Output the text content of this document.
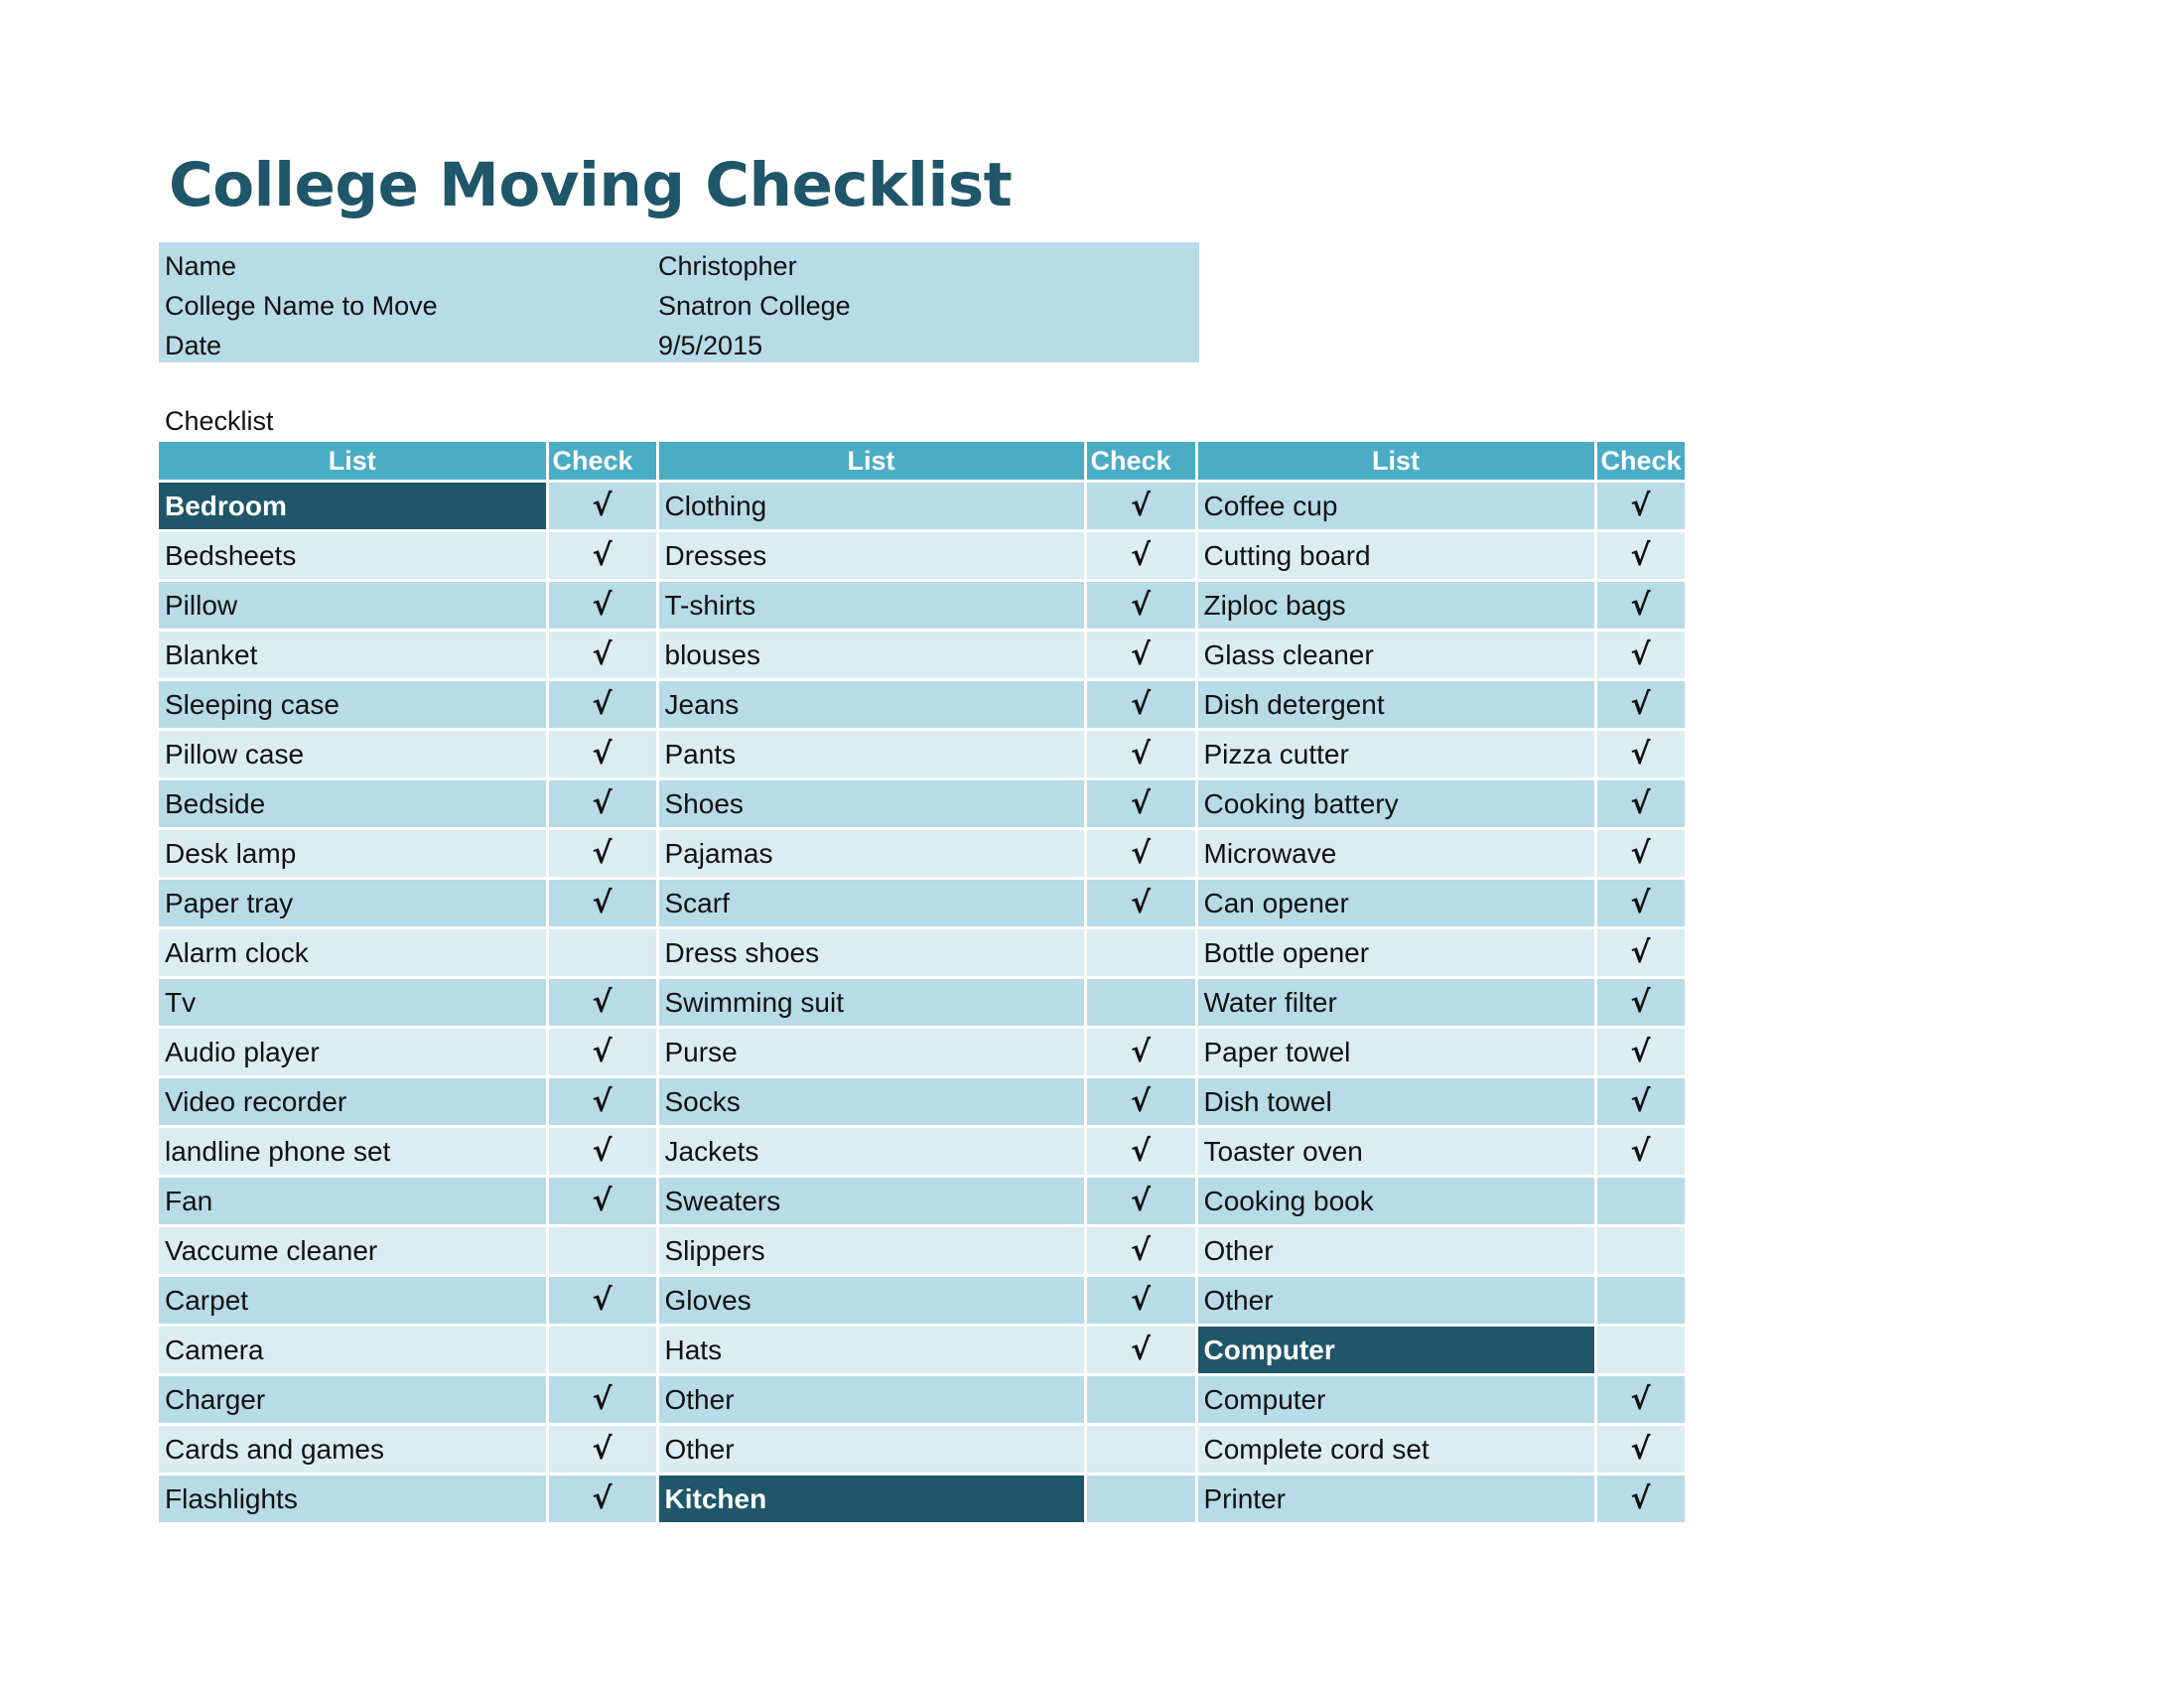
College Moving Checklist
Name	Christopher
College Name to Move	Snatron College
Date	9/5/2015
Checklist
List	Check	List	Check	List	Check
Bedroom	√	Clothing	√	Coffee cup	√
Bedsheets	√	Dresses	√	Cutting board	√
Pillow	√	T-shirts	√	Ziploc bags	√
Blanket	√	blouses	√	Glass cleaner	√
Sleeping case	√	Jeans	√	Dish detergent	√
Pillow case	√	Pants	√	Pizza cutter	√
Bedside	√	Shoes	√	Cooking battery	√
Desk lamp	√	Pajamas	√	Microwave	√
Paper tray	√	Scarf	√	Can opener	√
Alarm clock		Dress shoes		Bottle opener	√
Tv	√	Swimming suit		Water filter	√
Audio player	√	Purse	√	Paper towel	√
Video recorder	√	Socks	√	Dish towel	√
landline phone set	√	Jackets	√	Toaster oven	√
Fan	√	Sweaters	√	Cooking book	
Vaccume cleaner		Slippers	√	Other	
Carpet	√	Gloves	√	Other	
Camera		Hats	√	Computer	
Charger	√	Other		Computer	√
Cards and games	√	Other		Complete cord set	√
Flashlights	√	Kitchen		Printer	√
